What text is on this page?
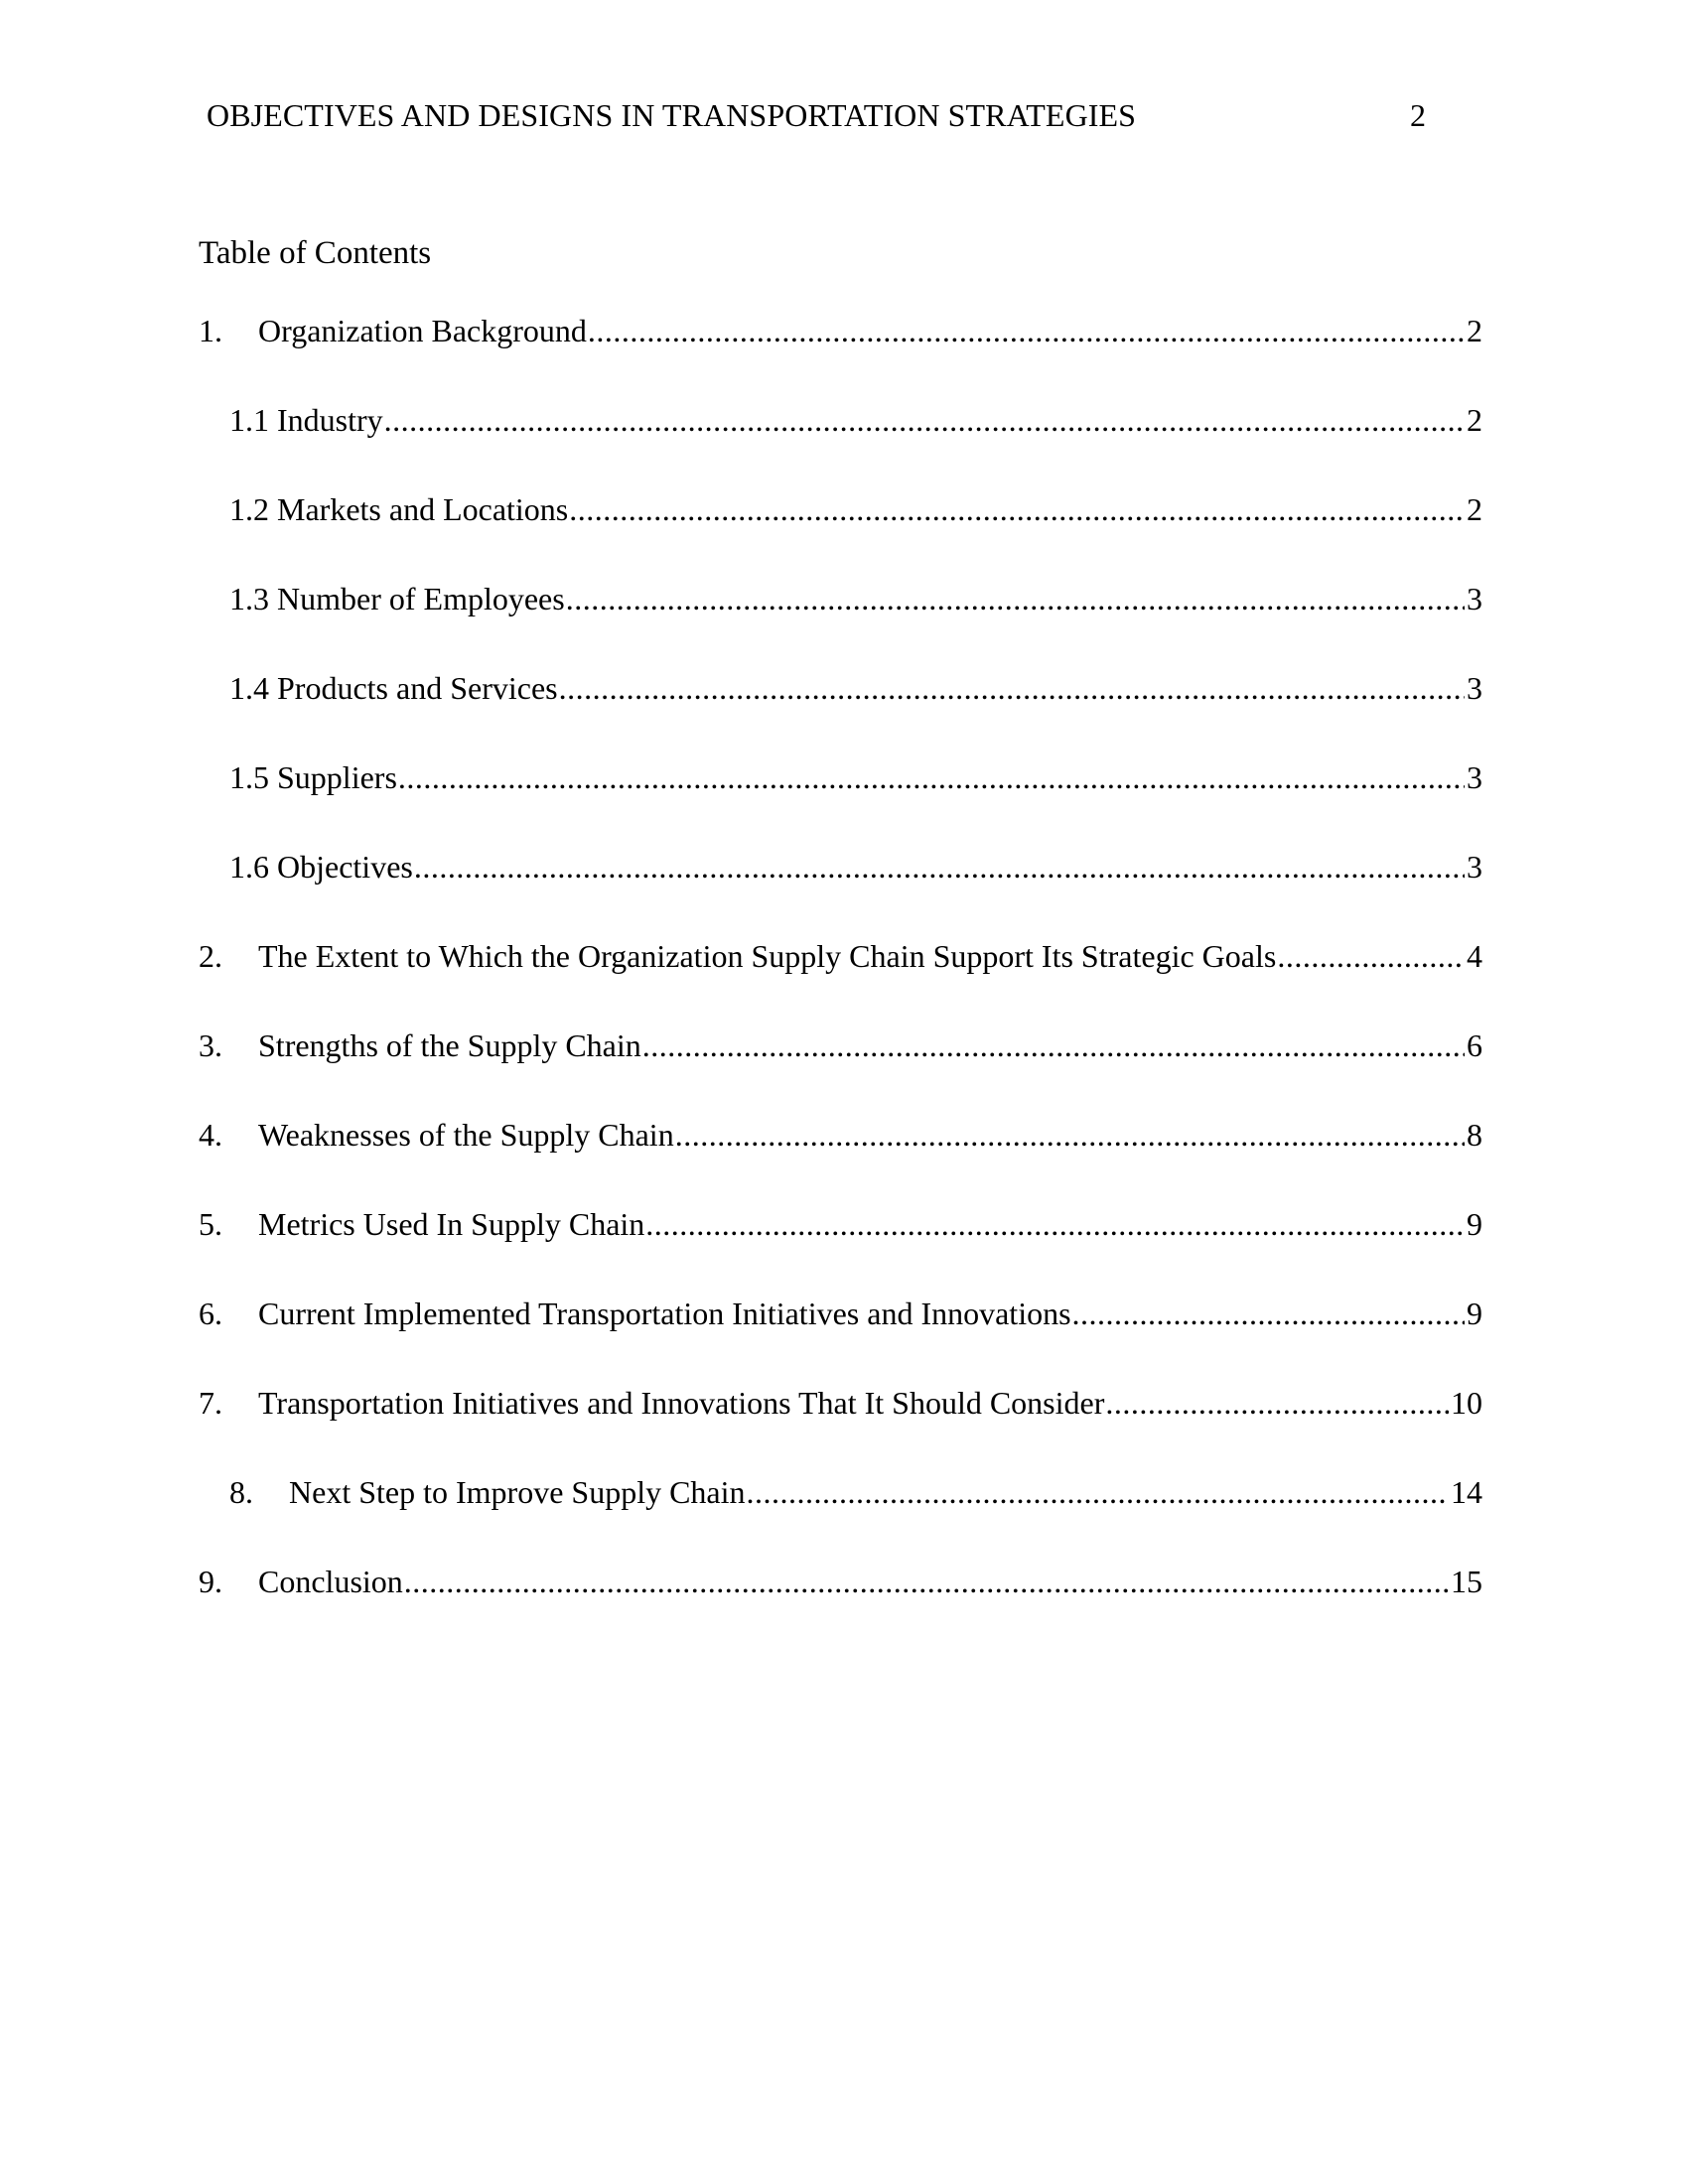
OBJECTIVES AND DESIGNS IN TRANSPORTATION STRATEGIES	2
Table of Contents
1.	Organization Background .....	2
1.1 Industry .....	2
1.2 Markets and Locations .....	2
1.3 Number of Employees .....	3
1.4 Products and Services .....	3
1.5 Suppliers .....	3
1.6 Objectives .....	3
2.	The Extent to Which the Organization Supply Chain Support Its Strategic Goals .....	4
3.	Strengths of the Supply Chain .....	6
4.	Weaknesses of the Supply Chain .....	8
5.	Metrics Used In Supply Chain .....	9
6.	Current Implemented Transportation Initiatives and Innovations .....	9
7.	Transportation Initiatives and Innovations That It Should Consider .....	10
8.	Next Step to Improve Supply Chain .....	14
9.	Conclusion .....	15
